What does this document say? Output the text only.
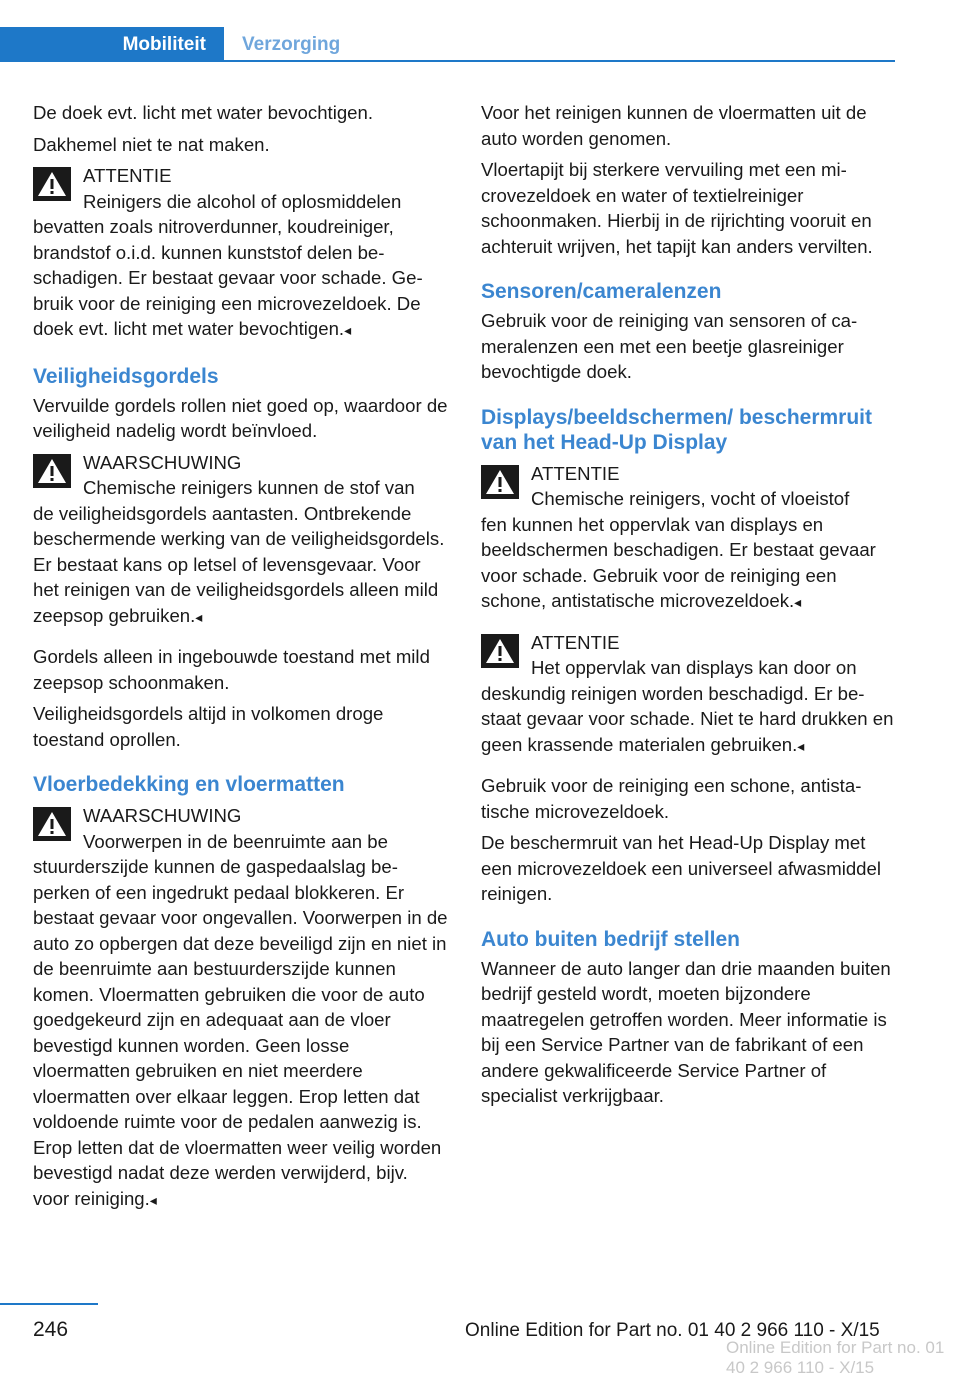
Mobiliteit	Verzorging

De doek evt. licht met water bevochtigen.

Dakhemel niet te nat maken.

ATTENTIE
Reinigers die alcohol of oplosmiddelen
bevatten zoals nitroverdunner, koudreiniger, brandstof o.i.d. kunnen kunststof delen beschadigen. Er bestaat gevaar voor schade. Gebruik voor de reiniging een microvezeldoek. De doek evt. licht met water bevochtigen.◂
Veiligheidsgordels

Vervuilde gordels rollen niet goed op, waardoor de veiligheid nadelig wordt beïnvloed.

WAARSCHUWING
Chemische reinigers kunnen de stof van
de veiligheidsgordels aantasten. Ontbrekende beschermende werking van de veiligheidsgordels. Er bestaat kans op letsel of levensgevaar. Voor het reinigen van de veiligheidsgordels alleen mild zeepsop gebruiken.◂

Gordels alleen in ingebouwde toestand met mild zeepsop schoonmaken.

Veiligheidsgordels altijd in volkomen droge toestand oprollen.

Vloerbedekking en vloermatten
WAARSCHUWING
Voorwerpen in de beenruimte aan be
stuurderszijde kunnen de gaspedaalslag beperken of een ingedrukt pedaal blokkeren. Er bestaat gevaar voor ongevallen. Voorwerpen in de auto zo opbergen dat deze beveiligd zijn en niet in de beenruimte aan bestuurderszijde kunnen komen. Vloermatten gebruiken die voor de auto goedgekeurd zijn en adequaat aan de vloer bevestigd kunnen worden. Geen losse vloermatten gebruiken en niet meerdere vloermatten over elkaar leggen. Erop letten dat voldoende ruimte voor de pedalen aanwezig is. Erop letten dat de vloermatten weer veilig worden bevestigd nadat deze werden verwijderd, bijv. voor reiniging.◂

Voor het reinigen kunnen de vloermatten uit de auto worden genomen.

Vloertapijt bij sterkere vervuiling met een microvezeldoek en water of textielreiniger schoonmaken. Hierbij in de rijrichting vooruit en achteruit wrijven, het tapijt kan anders vervilten.

Sensoren/cameralenzen

Gebruik voor de reiniging van sensoren of cameralenzen een met een beetje glasreiniger bevochtigde doek.

Displays/beeldschermen/ beschermruit van het Head-Up Display
ATTENTIE
Chemische reinigers, vocht of vloeistof
fen kunnen het oppervlak van displays en beeldschermen beschadigen. Er bestaat gevaar voor schade. Gebruik voor de reiniging een schone, antistatische microvezeldoek.◂
ATTENTIE
Het oppervlak van displays kan door on
deskundig reinigen worden beschadigd. Er bestaat gevaar voor schade. Niet te hard drukken en geen krassende materialen gebruiken.◂

Gebruik voor de reiniging een schone, antistatische microvezeldoek.

De beschermruit van het Head-Up Display met een microvezeldoek een universeel afwasmiddel reinigen.

Auto buiten bedrijf stellen

Wanneer de auto langer dan drie maanden buiten bedrijf gesteld wordt, moeten bijzondere maatregelen getroffen worden. Meer informatie is bij een Service Partner van de fabrikant of een andere gekwalificeerde Service Partner of specialist verkrijgbaar.

246	Online Edition for Part no. 01 40 2 966 110 - X/15
Online Edition for Part no. 01 40 2 966 110 - X/15
